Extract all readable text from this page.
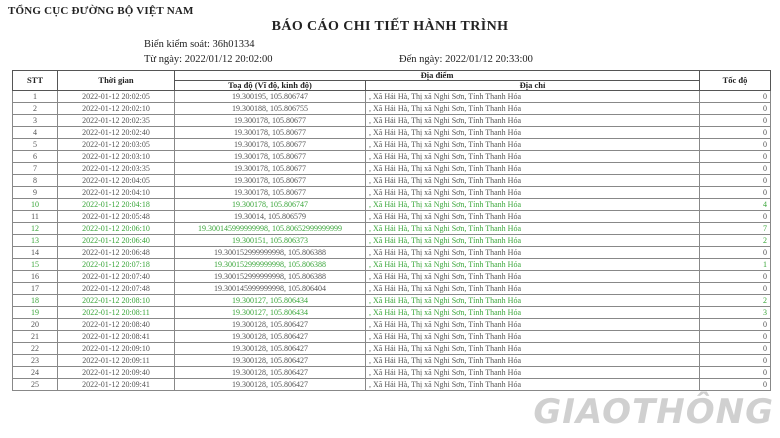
TỔNG CỤC ĐƯỜNG BỘ VIỆT NAM
BÁO CÁO CHI TIẾT HÀNH TRÌNH
Biển kiểm soát: 36h01334
Từ ngày: 2022/01/12 20:02:00	Đến ngày: 2022/01/12 20:33:00
STT	Thời gian	Địa điểm		Tốc độ
		Toạ độ (Vĩ độ, kinh độ)	Địa chỉ	
1	2022-01-12 20:02:05	19.300195, 105.806747	, Xã Hải Hà, Thị xã Nghi Sơn, Tỉnh Thanh Hóa	0
2	2022-01-12 20:02:10	19.300188, 105.806755	, Xã Hải Hà, Thị xã Nghi Sơn, Tỉnh Thanh Hóa	0
3	2022-01-12 20:02:35	19.300178, 105.80677	, Xã Hải Hà, Thị xã Nghi Sơn, Tỉnh Thanh Hóa	0
4	2022-01-12 20:02:40	19.300178, 105.80677	, Xã Hải Hà, Thị xã Nghi Sơn, Tỉnh Thanh Hóa	0
5	2022-01-12 20:03:05	19.300178, 105.80677	, Xã Hải Hà, Thị xã Nghi Sơn, Tỉnh Thanh Hóa	0
6	2022-01-12 20:03:10	19.300178, 105.80677	, Xã Hải Hà, Thị xã Nghi Sơn, Tỉnh Thanh Hóa	0
7	2022-01-12 20:03:35	19.300178, 105.80677	, Xã Hải Hà, Thị xã Nghi Sơn, Tỉnh Thanh Hóa	0
8	2022-01-12 20:04:05	19.300178, 105.80677	, Xã Hải Hà, Thị xã Nghi Sơn, Tỉnh Thanh Hóa	0
9	2022-01-12 20:04:10	19.300178, 105.80677	, Xã Hải Hà, Thị xã Nghi Sơn, Tỉnh Thanh Hóa	0
10	2022-01-12 20:04:18	19.300178, 105.806747	, Xã Hải Hà, Thị xã Nghi Sơn, Tỉnh Thanh Hóa	4
11	2022-01-12 20:05:48	19.30014, 105.806579	, Xã Hải Hà, Thị xã Nghi Sơn, Tỉnh Thanh Hóa	0
12	2022-01-12 20:06:10	19.300145999999998, 105.80652999999999	, Xã Hải Hà, Thị xã Nghi Sơn, Tỉnh Thanh Hóa	7
13	2022-01-12 20:06:40	19.300151, 105.806373	, Xã Hải Hà, Thị xã Nghi Sơn, Tỉnh Thanh Hóa	2
14	2022-01-12 20:06:48	19.300152999999998, 105.806388	, Xã Hải Hà, Thị xã Nghi Sơn, Tỉnh Thanh Hóa	0
15	2022-01-12 20:07:18	19.300152999999998, 105.806388	, Xã Hải Hà, Thị xã Nghi Sơn, Tỉnh Thanh Hóa	1
16	2022-01-12 20:07:40	19.300152999999998, 105.806388	, Xã Hải Hà, Thị xã Nghi Sơn, Tỉnh Thanh Hóa	0
17	2022-01-12 20:07:48	19.300145999999998, 105.806404	, Xã Hải Hà, Thị xã Nghi Sơn, Tỉnh Thanh Hóa	0
18	2022-01-12 20:08:10	19.300127, 105.806434	, Xã Hải Hà, Thị xã Nghi Sơn, Tỉnh Thanh Hóa	2
19	2022-01-12 20:08:11	19.300127, 105.806434	, Xã Hải Hà, Thị xã Nghi Sơn, Tỉnh Thanh Hóa	3
20	2022-01-12 20:08:40	19.300128, 105.806427	, Xã Hải Hà, Thị xã Nghi Sơn, Tỉnh Thanh Hóa	0
21	2022-01-12 20:08:41	19.300128, 105.806427	, Xã Hải Hà, Thị xã Nghi Sơn, Tỉnh Thanh Hóa	0
22	2022-01-12 20:09:10	19.300128, 105.806427	, Xã Hải Hà, Thị xã Nghi Sơn, Tỉnh Thanh Hóa	0
23	2022-01-12 20:09:11	19.300128, 105.806427	, Xã Hải Hà, Thị xã Nghi Sơn, Tỉnh Thanh Hóa	0
24	2022-01-12 20:09:40	19.300128, 105.806427	, Xã Hải Hà, Thị xã Nghi Sơn, Tỉnh Thanh Hóa	0
25	2022-01-12 20:09:41	19.300128, 105.806427	, Xã Hải Hà, Thị xã Nghi Sơn, Tỉnh Thanh Hóa	0
GIAOTHÔNG
